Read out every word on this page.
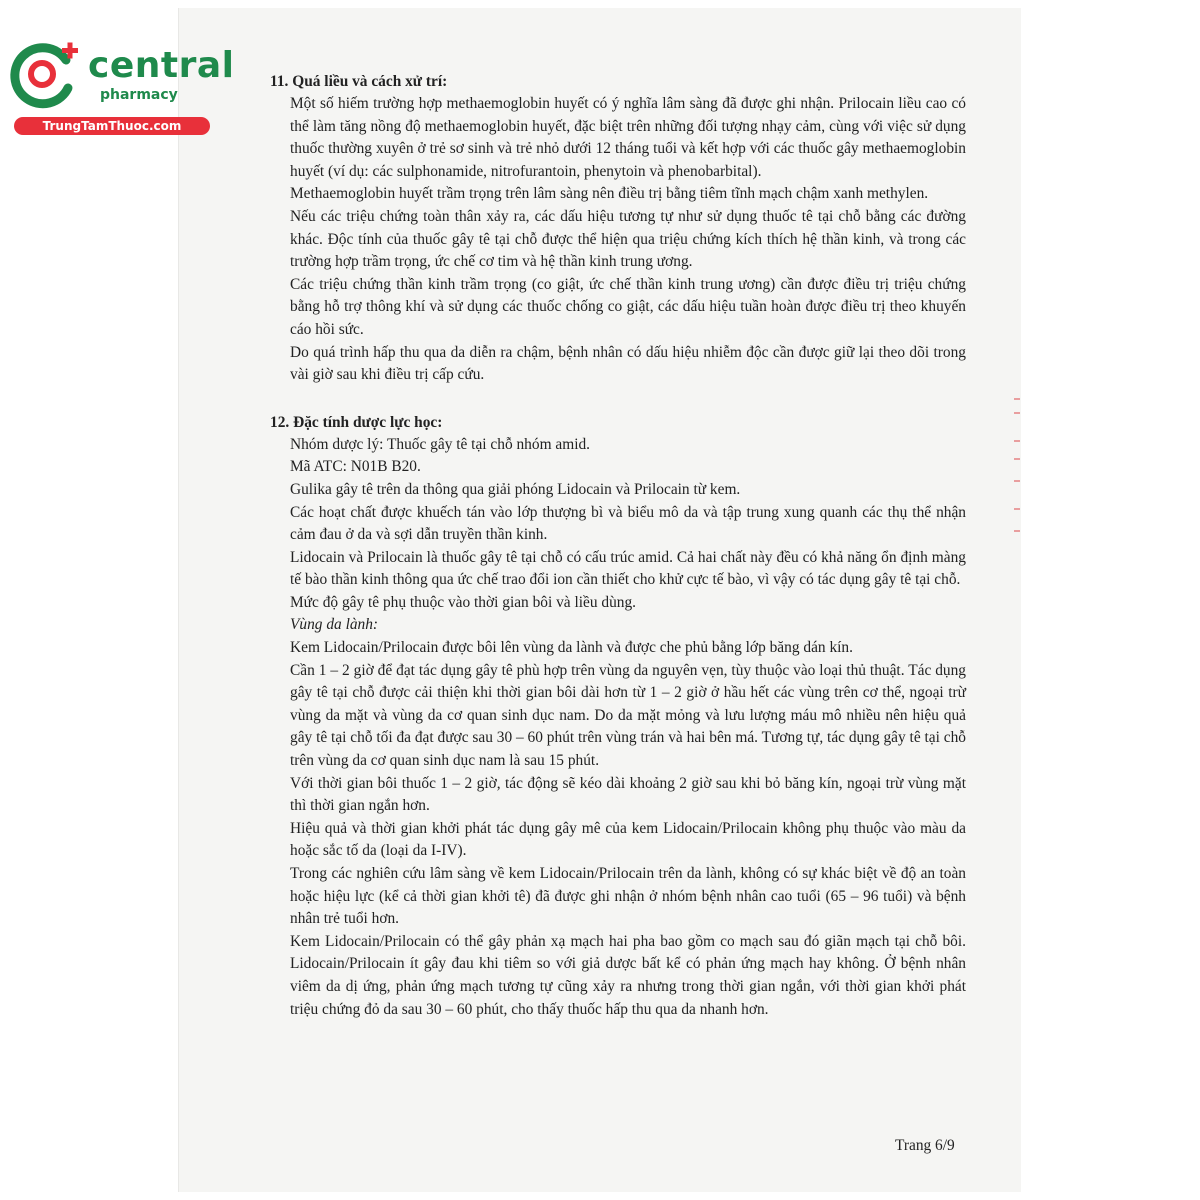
central
pharmacy
TrungTamThuoc.com

11. Quá liều và cách xử trí:

Một số hiếm trường hợp methaemoglobin huyết có ý nghĩa lâm sàng đã được ghi nhận. Prilocain liều cao có thể làm tăng nồng độ methaemoglobin huyết, đặc biệt trên những đối tượng nhạy cảm, cùng với việc sử dụng thuốc thường xuyên ở trẻ sơ sinh và trẻ nhỏ dưới 12 tháng tuổi và kết hợp với các thuốc gây methaemoglobin huyết (ví dụ: các sulphonamide, nitrofurantoin, phenytoin và phenobarbital).

Methaemoglobin huyết trầm trọng trên lâm sàng nên điều trị bằng tiêm tĩnh mạch chậm xanh methylen.

Nếu các triệu chứng toàn thân xảy ra, các dấu hiệu tương tự như sử dụng thuốc tê tại chỗ bằng các đường khác. Độc tính của thuốc gây tê tại chỗ được thể hiện qua triệu chứng kích thích hệ thần kinh, và trong các trường hợp trầm trọng, ức chế cơ tim và hệ thần kinh trung ương.

Các triệu chứng thần kinh trầm trọng (co giật, ức chế thần kinh trung ương) cần được điều trị triệu chứng bằng hỗ trợ thông khí và sử dụng các thuốc chống co giật, các dấu hiệu tuần hoàn được điều trị theo khuyến cáo hồi sức.

Do quá trình hấp thu qua da diễn ra chậm, bệnh nhân có dấu hiệu nhiễm độc cần được giữ lại theo dõi trong vài giờ sau khi điều trị cấp cứu.

12. Đặc tính dược lực học:

Nhóm dược lý: Thuốc gây tê tại chỗ nhóm amid.

Mã ATC: N01B B20.

Gulika gây tê trên da thông qua giải phóng Lidocain và Prilocain từ kem.

Các hoạt chất được khuếch tán vào lớp thượng bì và biểu mô da và tập trung xung quanh các thụ thể nhận cảm đau ở da và sợi dẫn truyền thần kinh.

Lidocain và Prilocain là thuốc gây tê tại chỗ có cấu trúc amid. Cả hai chất này đều có khả năng ổn định màng tế bào thần kinh thông qua ức chế trao đổi ion cần thiết cho khử cực tế bào, vì vậy có tác dụng gây tê tại chỗ.

Mức độ gây tê phụ thuộc vào thời gian bôi và liều dùng.

Vùng da lành:

Kem Lidocain/Prilocain được bôi lên vùng da lành và được che phủ bằng lớp băng dán kín.

Cần 1 – 2 giờ để đạt tác dụng gây tê phù hợp trên vùng da nguyên vẹn, tùy thuộc vào loại thủ thuật. Tác dụng gây tê tại chỗ được cải thiện khi thời gian bôi dài hơn từ 1 – 2 giờ ở hầu hết các vùng trên cơ thể, ngoại trừ vùng da mặt và vùng da cơ quan sinh dục nam. Do da mặt mỏng và lưu lượng máu mô nhiều nên hiệu quả gây tê tại chỗ tối đa đạt được sau 30 – 60 phút trên vùng trán và hai bên má. Tương tự, tác dụng gây tê tại chỗ trên vùng da cơ quan sinh dục nam là sau 15 phút.

Với thời gian bôi thuốc 1 – 2 giờ, tác động sẽ kéo dài khoảng 2 giờ sau khi bỏ băng kín, ngoại trừ vùng mặt thì thời gian ngắn hơn.

Hiệu quả và thời gian khởi phát tác dụng gây mê của kem Lidocain/Prilocain không phụ thuộc vào màu da hoặc sắc tố da (loại da I-IV).

Trong các nghiên cứu lâm sàng về kem Lidocain/Prilocain trên da lành, không có sự khác biệt về độ an toàn hoặc hiệu lực (kể cả thời gian khởi tê) đã được ghi nhận ở nhóm bệnh nhân cao tuổi (65 – 96 tuổi) và bệnh nhân trẻ tuổi hơn.

Kem Lidocain/Prilocain có thể gây phản xạ mạch hai pha bao gồm co mạch sau đó giãn mạch tại chỗ bôi. Lidocain/Prilocain ít gây đau khi tiêm so với giả dược bất kể có phản ứng mạch hay không. Ở bệnh nhân viêm da dị ứng, phản ứng mạch tương tự cũng xảy ra nhưng trong thời gian ngắn, với thời gian khởi phát triệu chứng đỏ da sau 30 – 60 phút, cho thấy thuốc hấp thu qua da nhanh hơn.

Trang 6/9
